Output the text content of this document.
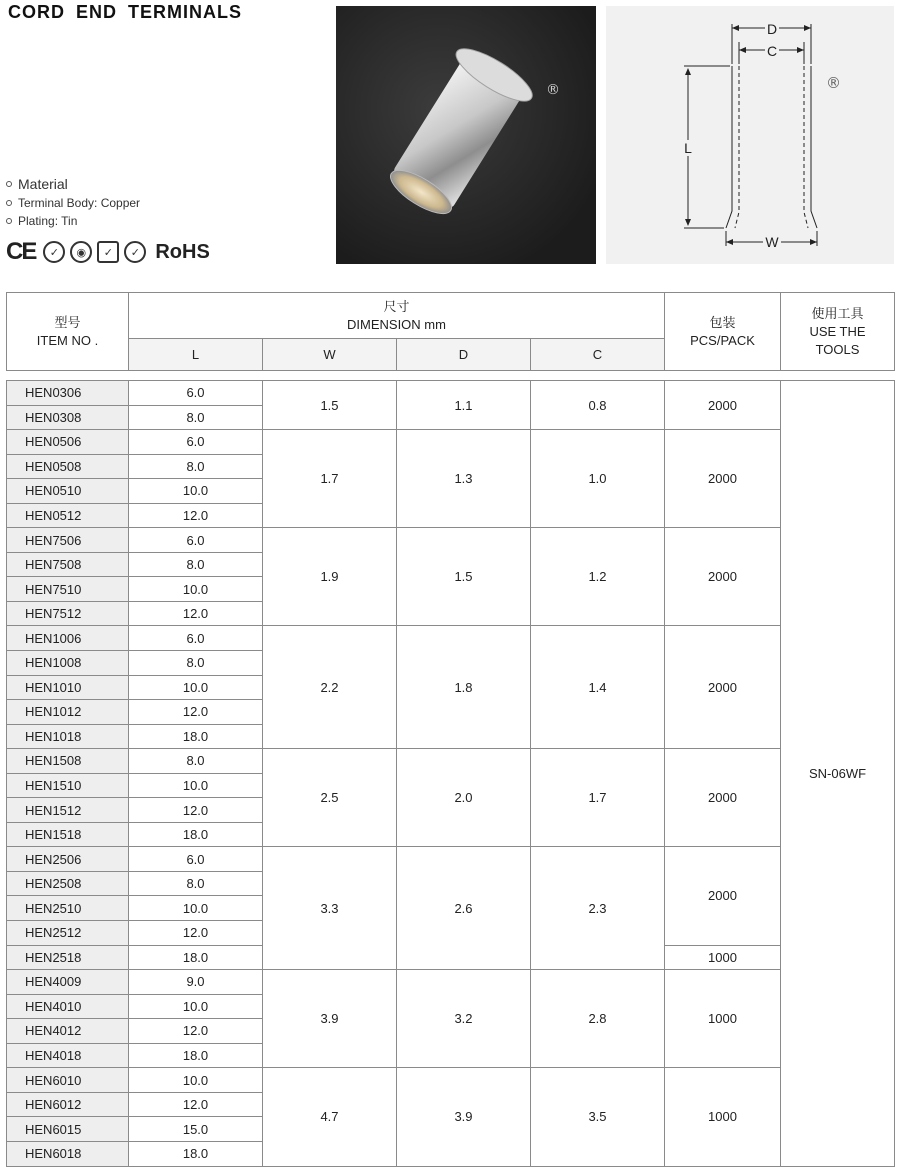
CORD END TERMINALS
Material
Terminal Body: Copper
Plating: Tin
CE	✓	◉	✓	✓ RoHS
®
D
C
L
W
®
型号
ITEM NO .	尺寸
DIMENSION mm				包装
PCS/PACK	使用工具
USE THE
TOOLS

	L	W	D	C		
HEN0306	6.0	1.5	1.1	0.8	2000	SN-06WF
HEN0308	8.0					
HEN0506	6.0	1.7	1.3	1.0	2000	
HEN0508	8.0					
HEN0510	10.0					
HEN0512	12.0					
HEN7506	6.0	1.9	1.5	1.2	2000	
HEN7508	8.0					
HEN7510	10.0					
HEN7512	12.0					
HEN1006	6.0	2.2	1.8	1.4	2000	
HEN1008	8.0					
HEN1010	10.0					
HEN1012	12.0					
HEN1018	18.0					
HEN1508	8.0	2.5	2.0	1.7	2000	
HEN1510	10.0					
HEN1512	12.0					
HEN1518	18.0					
HEN2506	6.0	3.3	2.6	2.3	2000	
HEN2508	8.0					
HEN2510	10.0					
HEN2512	12.0					
HEN2518	18.0				1000	
HEN4009	9.0	3.9	3.2	2.8	1000	
HEN4010	10.0					
HEN4012	12.0					
HEN4018	18.0					
HEN6010	10.0	4.7	3.9	3.5	1000	
HEN6012	12.0					
HEN6015	15.0					
HEN6018	18.0					
